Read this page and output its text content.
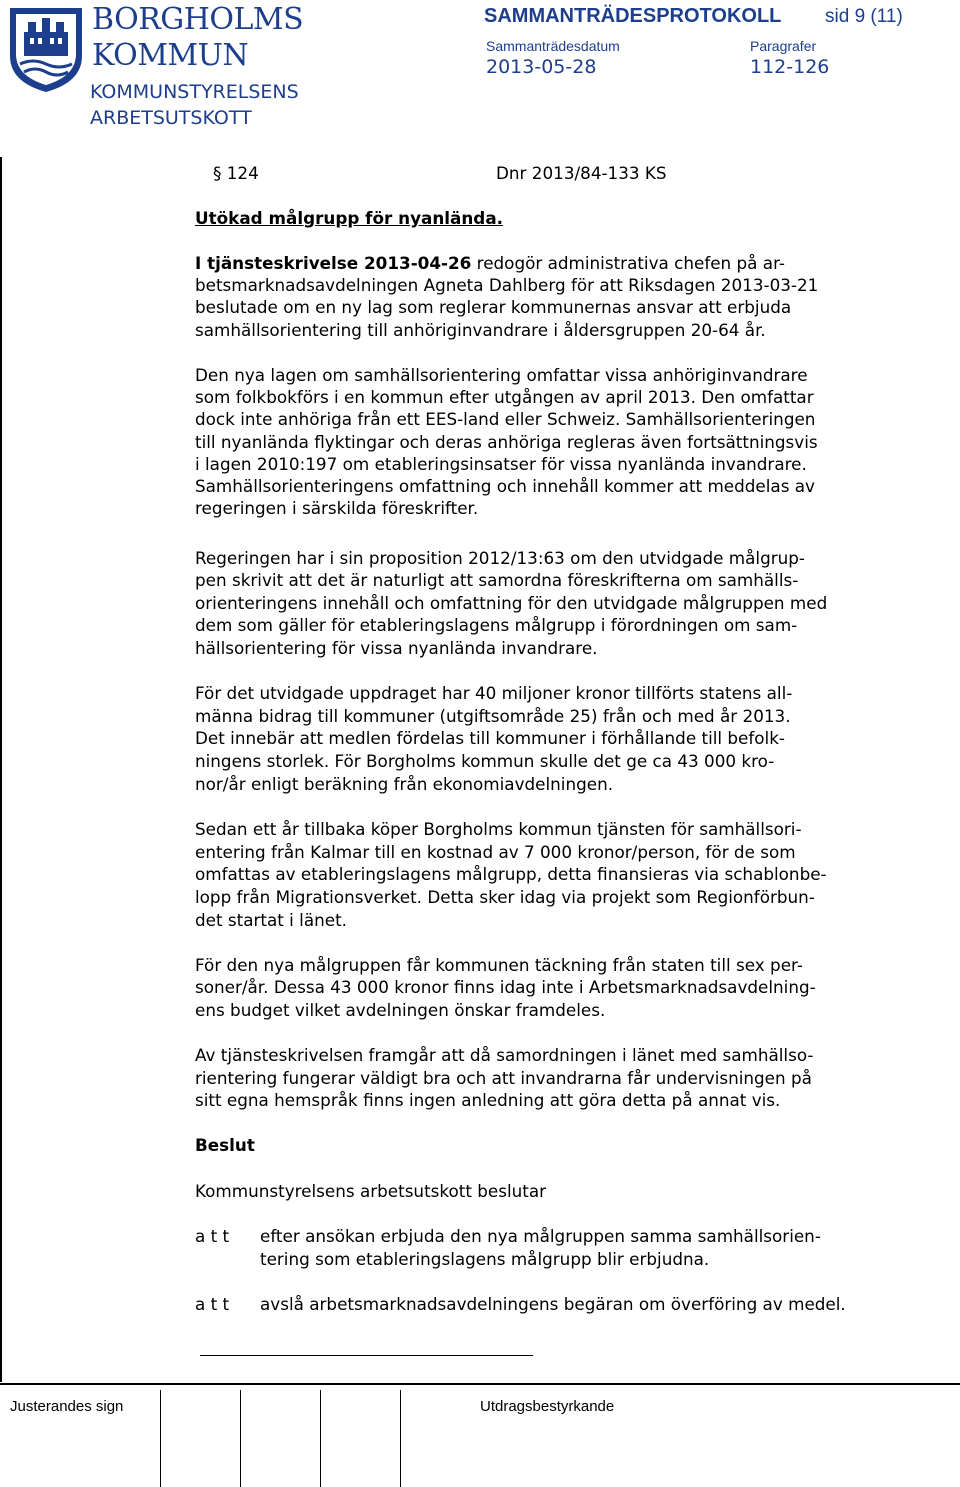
BORGHOLMS
KOMMUN
KOMMUNSTYRELSENS
ARBETSUTSKOTT
SAMMANTRÄDESPROTOKOLL sid 9 (11)
Sammanträdesdatum
2013-05-28
Paragrafer
112-126
Justerandes sign	Utdragsbestyrkande
§ 124	Dnr 2013/84-133 KS
Utökad målgrupp för nyanlända.
I tjänsteskrivelse 2013-04-26 redogör administrativa chefen på ar-
betsmarknadsavdelningen Agneta Dahlberg för att Riksdagen 2013-03-21
beslutade om en ny lag som reglerar kommunernas ansvar att erbjuda
samhällsorientering till anhöriginvandrare i åldersgruppen 20-64 år.
Den nya lagen om samhällsorientering omfattar vissa anhöriginvandrare
som folkbokförs i en kommun efter utgången av april 2013. Den omfattar
dock inte anhöriga från ett EES-land eller Schweiz. Samhällsorienteringen
till nyanlända flyktingar och deras anhöriga regleras även fortsättningsvis
i lagen 2010:197 om etableringsinsatser för vissa nyanlända invandrare.
Samhällsorienteringens omfattning och innehåll kommer att meddelas av
regeringen i särskilda föreskrifter.
Regeringen har i sin proposition 2012/13:63 om den utvidgade målgrup-
pen skrivit att det är naturligt att samordna föreskrifterna om samhälls-
orienteringens innehåll och omfattning för den utvidgade målgruppen med
dem som gäller för etableringslagens målgrupp i förordningen om sam-
hällsorientering för vissa nyanlända invandrare.
För det utvidgade uppdraget har 40 miljoner kronor tillförts statens all-
männa bidrag till kommuner (utgiftsområde 25) från och med år 2013.
Det innebär att medlen fördelas till kommuner i förhållande till befolk-
ningens storlek. För Borgholms kommun skulle det ge ca 43 000 kro-
nor/år enligt beräkning från ekonomiavdelningen.
Sedan ett år tillbaka köper Borgholms kommun tjänsten för samhällsori-
entering från Kalmar till en kostnad av 7 000 kronor/person, för de som
omfattas av etableringslagens målgrupp, detta finansieras via schablonbe-
lopp från Migrationsverket. Detta sker idag via projekt som Regionförbun-
det startat i länet.
För den nya målgruppen får kommunen täckning från staten till sex per-
soner/år. Dessa 43 000 kronor finns idag inte i Arbetsmarknadsavdelning-
ens budget vilket avdelningen önskar framdeles.
Av tjänsteskrivelsen framgår att då samordningen i länet med samhällso-
rientering fungerar väldigt bra och att invandrarna får undervisningen på
sitt egna hemspråk finns ingen anledning att göra detta på annat vis.
Beslut
Kommunstyrelsens arbetsutskott beslutar
a t t efter ansökan erbjuda den nya målgruppen samma samhällsorien-
tering som etableringslagens målgrupp blir erbjudna.
a t t avslå arbetsmarknadsavdelningens begäran om överföring av medel.
